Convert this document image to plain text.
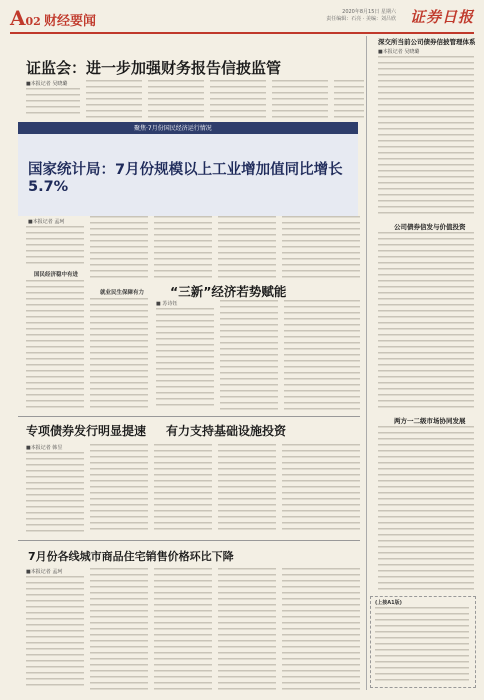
A02 财经要闻
2020年8月15日 星期六
责任编辑：石亮 · 美编：刘吕欣 证券日报
证监会：进一步加强财务报告信披监管
■本报记者 吴晓璐
深交所当前公司债券信披管理体系
■本报记者 吴晓璐
公司债券信发与价值投资
两方一二级市场协同发展
(上接A1版)
聚焦·7月份国民经济运行情况
国家统计局：7月份规模以上工业增加值同比增长5.7%
■本报记者 孟珂
国民经济稳中有进
就业民生保障有力 “三新”经济若势赋能
■ 苏诗钰
专项债券发行明显提速 有力支持基础设施投资
■本报记者 韩昱
7月份各线城市商品住宅销售价格环比下降
■本报记者 孟珂
